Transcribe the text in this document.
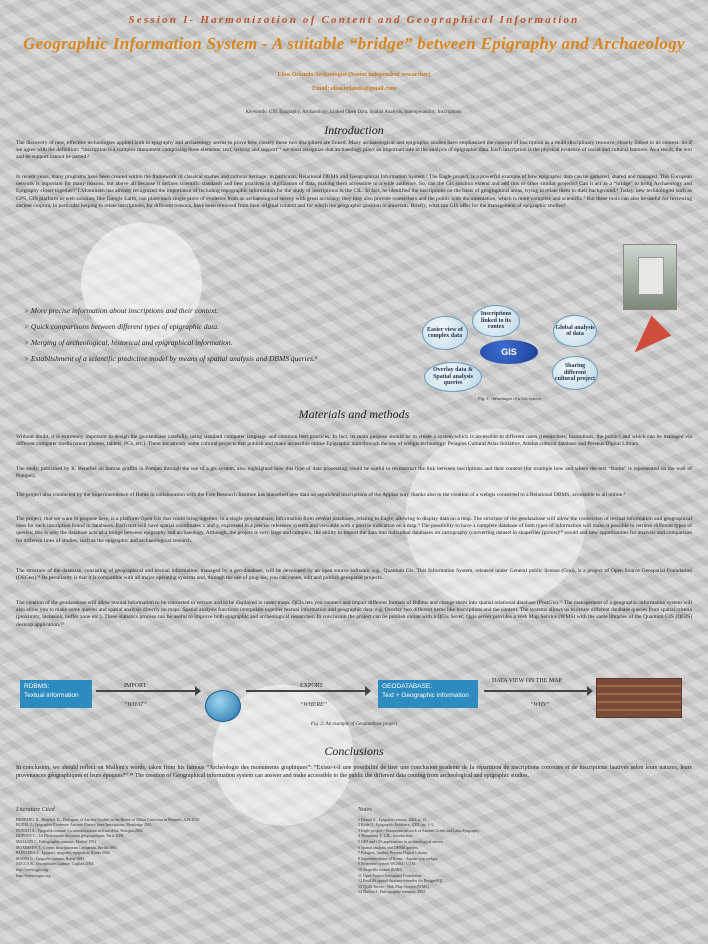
Session I- Harmonization of Content and Geographical Information
Geographic Information System - A suitable “bridge” between Epigraphy and Archaeology
Elisa Orlando Archeologist (Senior independent researcher)
Email: elisa.orlando@gmail.com
Keywords: GIS, Epigraphy, Archaeology, Linked Open Data, Spatial Analysis, Interoperability, Inscriptions.
Introduction

The discovery of new, effective technologies applied both to epigraphy and archaeology seems to prove how closely these two disciplines are linked. Many archaeological and epigraphic studies have emphasized the concept of inscription as a multi-disciplinary resource, closely linked to its context. So if we agree with the definition: “inscription is a complex monument comprising three elements: text, writing and support”¹ we must recognize that archaeology plays an important role in the analysis of epigraphic data. Each inscription is the physical evidence of social and cultural features. As a result, the text and its support cannot be parted.²

In recent years, many programs have been created within the framework of classical studies and cultural heritage; in particular, Relational DBMS and Geographical Information System.³ The Eagle project, is a powerful example of how epigraphic data can be gathered, shared and managed. This European network is important for many reasons, but above all because it defines scientific standards and best practices in digitization of data, making them accessible to a wide audience. So, can the Gis solution extend and add this or other similar projects? Can it act as a “bridge” to bring Archaeology and Epigraphy closer together? T.Mommsen has already recognized the importance of including topographic information for the study of inscriptions in the CIL. In fact, he identified the inscriptions on the basis of geographical areas, trying to relate them to their background.⁴ Today, new technologies such as GPS, GIS platform or web solution, like Google Earth, can place each single piece of evidence from an archaeological survey with great accuracy; they may also provide researchers and the public with documentation, which is more complete and scientific.⁵ But these tools can also be useful for reviewing ancient corpora, in particular helping to relate inscriptions, for different reasons, have been removed from their original context and for which the geographic position is uncertain. Briefly, what can GIS offer for the management of epigraphic studies?

> More precise information about inscriptions and their context.
> Quick comparisons between different types of epigraphic data.
> Merging of archeological, historical and epigraphical information.
> Establishment of a scientific predictive model by means of spatial analysis and DBMS queries.⁶
Inscriptions linked to its contex	Global analysis of data
Sharing different cultural project
Overlay data & Spatial analysis queries
Easier view of complex data
GIS
Fig. 1: Advantages of a Gis system
Materials and methods

Without doubt, it is extremely important to design the geodatabase carefully, using standard computer language and common best practices. In fact, its main purpose should be to create a system which is accessible to different users (researchers, institutions, the public) and which can be managed via different computer media (smart phones, tablets, PCs, etc.). There are already some cultural projects that publish and make accessible online Epigraphic data through the use of webgis technology: Pelagios Cultural Atlas Initiative, Attalus cultural database and Perseus Digital Library.

The study, published by R. Benefiel on human graffiti in Pompei through the use of a gis system, also highlighted how this type of data processing, could be useful to reconstruct the link between inscriptions and their context (for example how and where the text “Rome” is represented on the wall of Pompei).

The project also conducted by the Superintendence of Rome in collaboration with the Free Research Institute has unearthed new data on sepulchral inscriptions of the Appian way, thanks also to the creation of a webgis connected to a Relational DBMS, accessible to all online.⁸

The project, that we want to propose here, is a platform Open Gis that could bring together, in a single geo-database, information from several databases, relating to Eagle, allowing to display data on a map. The structure of the geodatabase will allow the connection of textual information and geographical ones for each inscription found in databases. Each text will have spatial coordinates x and y, expressed in a precise reference system and viewable with a precise indication on a map.⁹ The possibility to have a complete database of both types of information will make it possible to retrieve different types of queries; this is why the database acts as a bridge between epigraphy and archaeology. Although, the project is very large and complex, the ability to import the data into individual databases on cartography (converting dataset in shapefiles (points)¹⁰ would add new opportunities for analysis and comparison for different lines of studies, such as the epigraphic and archaeological research.

The structure of the database, consisting of geographical and textual information, managed by a geo-database, will be developed by an open source software, e.g., Quantum Gis. This Information System, released under General public license (Gnu), is a project of Open Source Geospatial Foundation (OSGeo).¹¹ Its peculiarity is that it is compatible with all major operating systems and, through the use of plug-ins, you can create, edit and publish geospatial projects.

The creation of the geodatabase will allow textual information to be converted to vectors and to be displayed in raster maps. QGis lets you connect and import different formats of Rdbms and change them into spatial relational database (PostGis).¹² The management of a geographic information system will also allow you to make some queries and spatial analysis directly on maps. Spatial analysis functions interpolate together textual information and geographic data: e.g. Overlay two different items like inscriptions and the context. The systems allows us to create different database queries from spatial criteria (proximity, inclusion, buffer zone etc.). These statistics process can be useful to improve both epigraphic and archeological researches. In conclusion the project can be publish online with a QGis Sever; Qgis server provides a Web Map Service (WMS) with the same libraries of the Quantum GIS (QGIS) desktop application.¹³

RDBMS:
Textual information
IMPORT
“WHAT”
EXPORT
“WHERE”
GEODATABASE:
Text + Geographic information
DATA VIEW ON THE MAP
“WHY”
Fig. 2: An example of Geodatabase project
Conclusions

In conclusion, we should reflect on Malloni's words, taken from his famous “Archéologie des monuments graphiques”: “Existe-t-il une possibilité de tirer une conclusion pradente de la répartition de inscriptions correctes et de inscriptions fautives selon leurs natures, leurs provenances géographiques et leurs époques?” ¹⁴ The creation of Geographical information system can answer and make accessible to the public the different data coming from archeological and epigraphic studies.

Literature Cited
BENEFIEL R., Benefiel, R., Dialogues of Ancient Graffiti in the House of Maius Castricius in Pompeii, AJA 2010
BODEL J., Epigraphic Evidence: Ancient History from Inscriptions, Routledge 2001
DONATI A., Epigrafia romana. La comunicazione nell'antichità, Bologna 2002
DUPONT C., Le Dictionnaire des noms géographiques, Paris 2008
MALLON J., Paléographie romaine, Madrid 1952
MOMMSEN T., Corpus Inscriptionum Latinarum, Berlin 1863
PANCIERA S., Epigrafi, epigrafia, epigrafisti, Roma 2006
SUSINI G., Epigrafia romana, Roma 1982
ZUCCA R., Inscriptiones Latinae, Cagliari 2004
http://www.qgis.org
http://www.osgeo.org
Notes
1 Donati A., Epigrafia romana, 2002, p. 15.
2 Bodel J., Epigraphic Evidence, 2001, pp. 1-3.
3 Eagle project - Europeana network of Ancient Greek and Latin Epigraphy.
4 Mommsen T., CIL, introduction.
5 GPS and GIS applications in archaeological survey.
6 Spatial analysis and DBMS queries.
7 Pelagios, Attalus, Perseus Digital Library.
8 Superintendence of Rome - Appian way webgis.
9 Reference system WGS84 / UTM.
10 Shapefile format (ESRI).
11 Open Source Geospatial Foundation.
12 PostGIS spatial database extender for PostgreSQL.
13 QGIS Server - Web Map Service (WMS).
14 Mallon J., Paléographie romaine, 1952.
